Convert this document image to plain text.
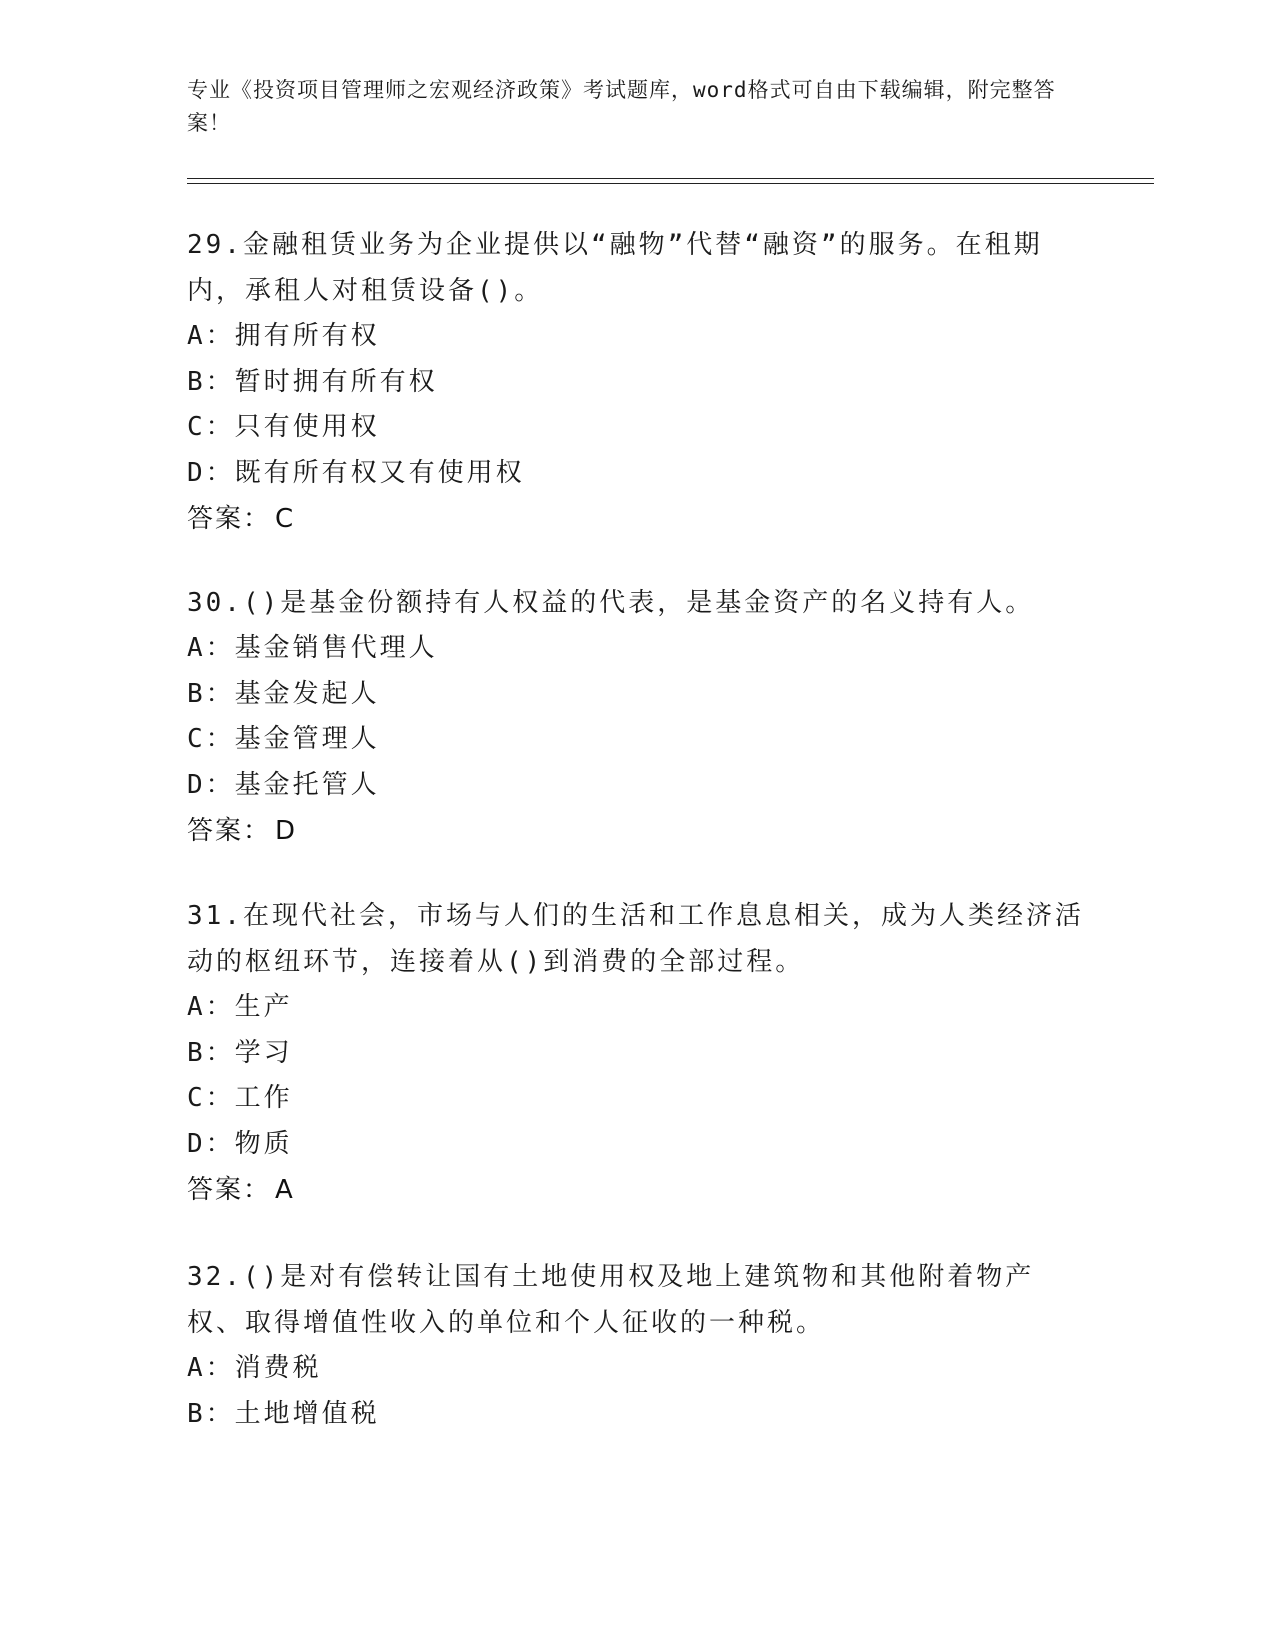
专业《投资项目管理师之宏观经济政策》考试题库，word格式可自由下载编辑，附完整答案！
29.金融租赁业务为企业提供以“融物”代替“融资”的服务。在租期内，承租人对租赁设备()。
A：拥有所有权
B：暂时拥有所有权
C：只有使用权
D：既有所有权又有使用权
答案： C
30.()是基金份额持有人权益的代表，是基金资产的名义持有人。
A：基金销售代理人
B：基金发起人
C：基金管理人
D：基金托管人
答案： D
31.在现代社会，市场与人们的生活和工作息息相关，成为人类经济活动的枢纽环节，连接着从()到消费的全部过程。
A：生产
B：学习
C：工作
D：物质
答案： A
32.()是对有偿转让国有土地使用权及地上建筑物和其他附着物产权、取得增值性收入的单位和个人征收的一种税。
A：消费税
B：土地增值税
